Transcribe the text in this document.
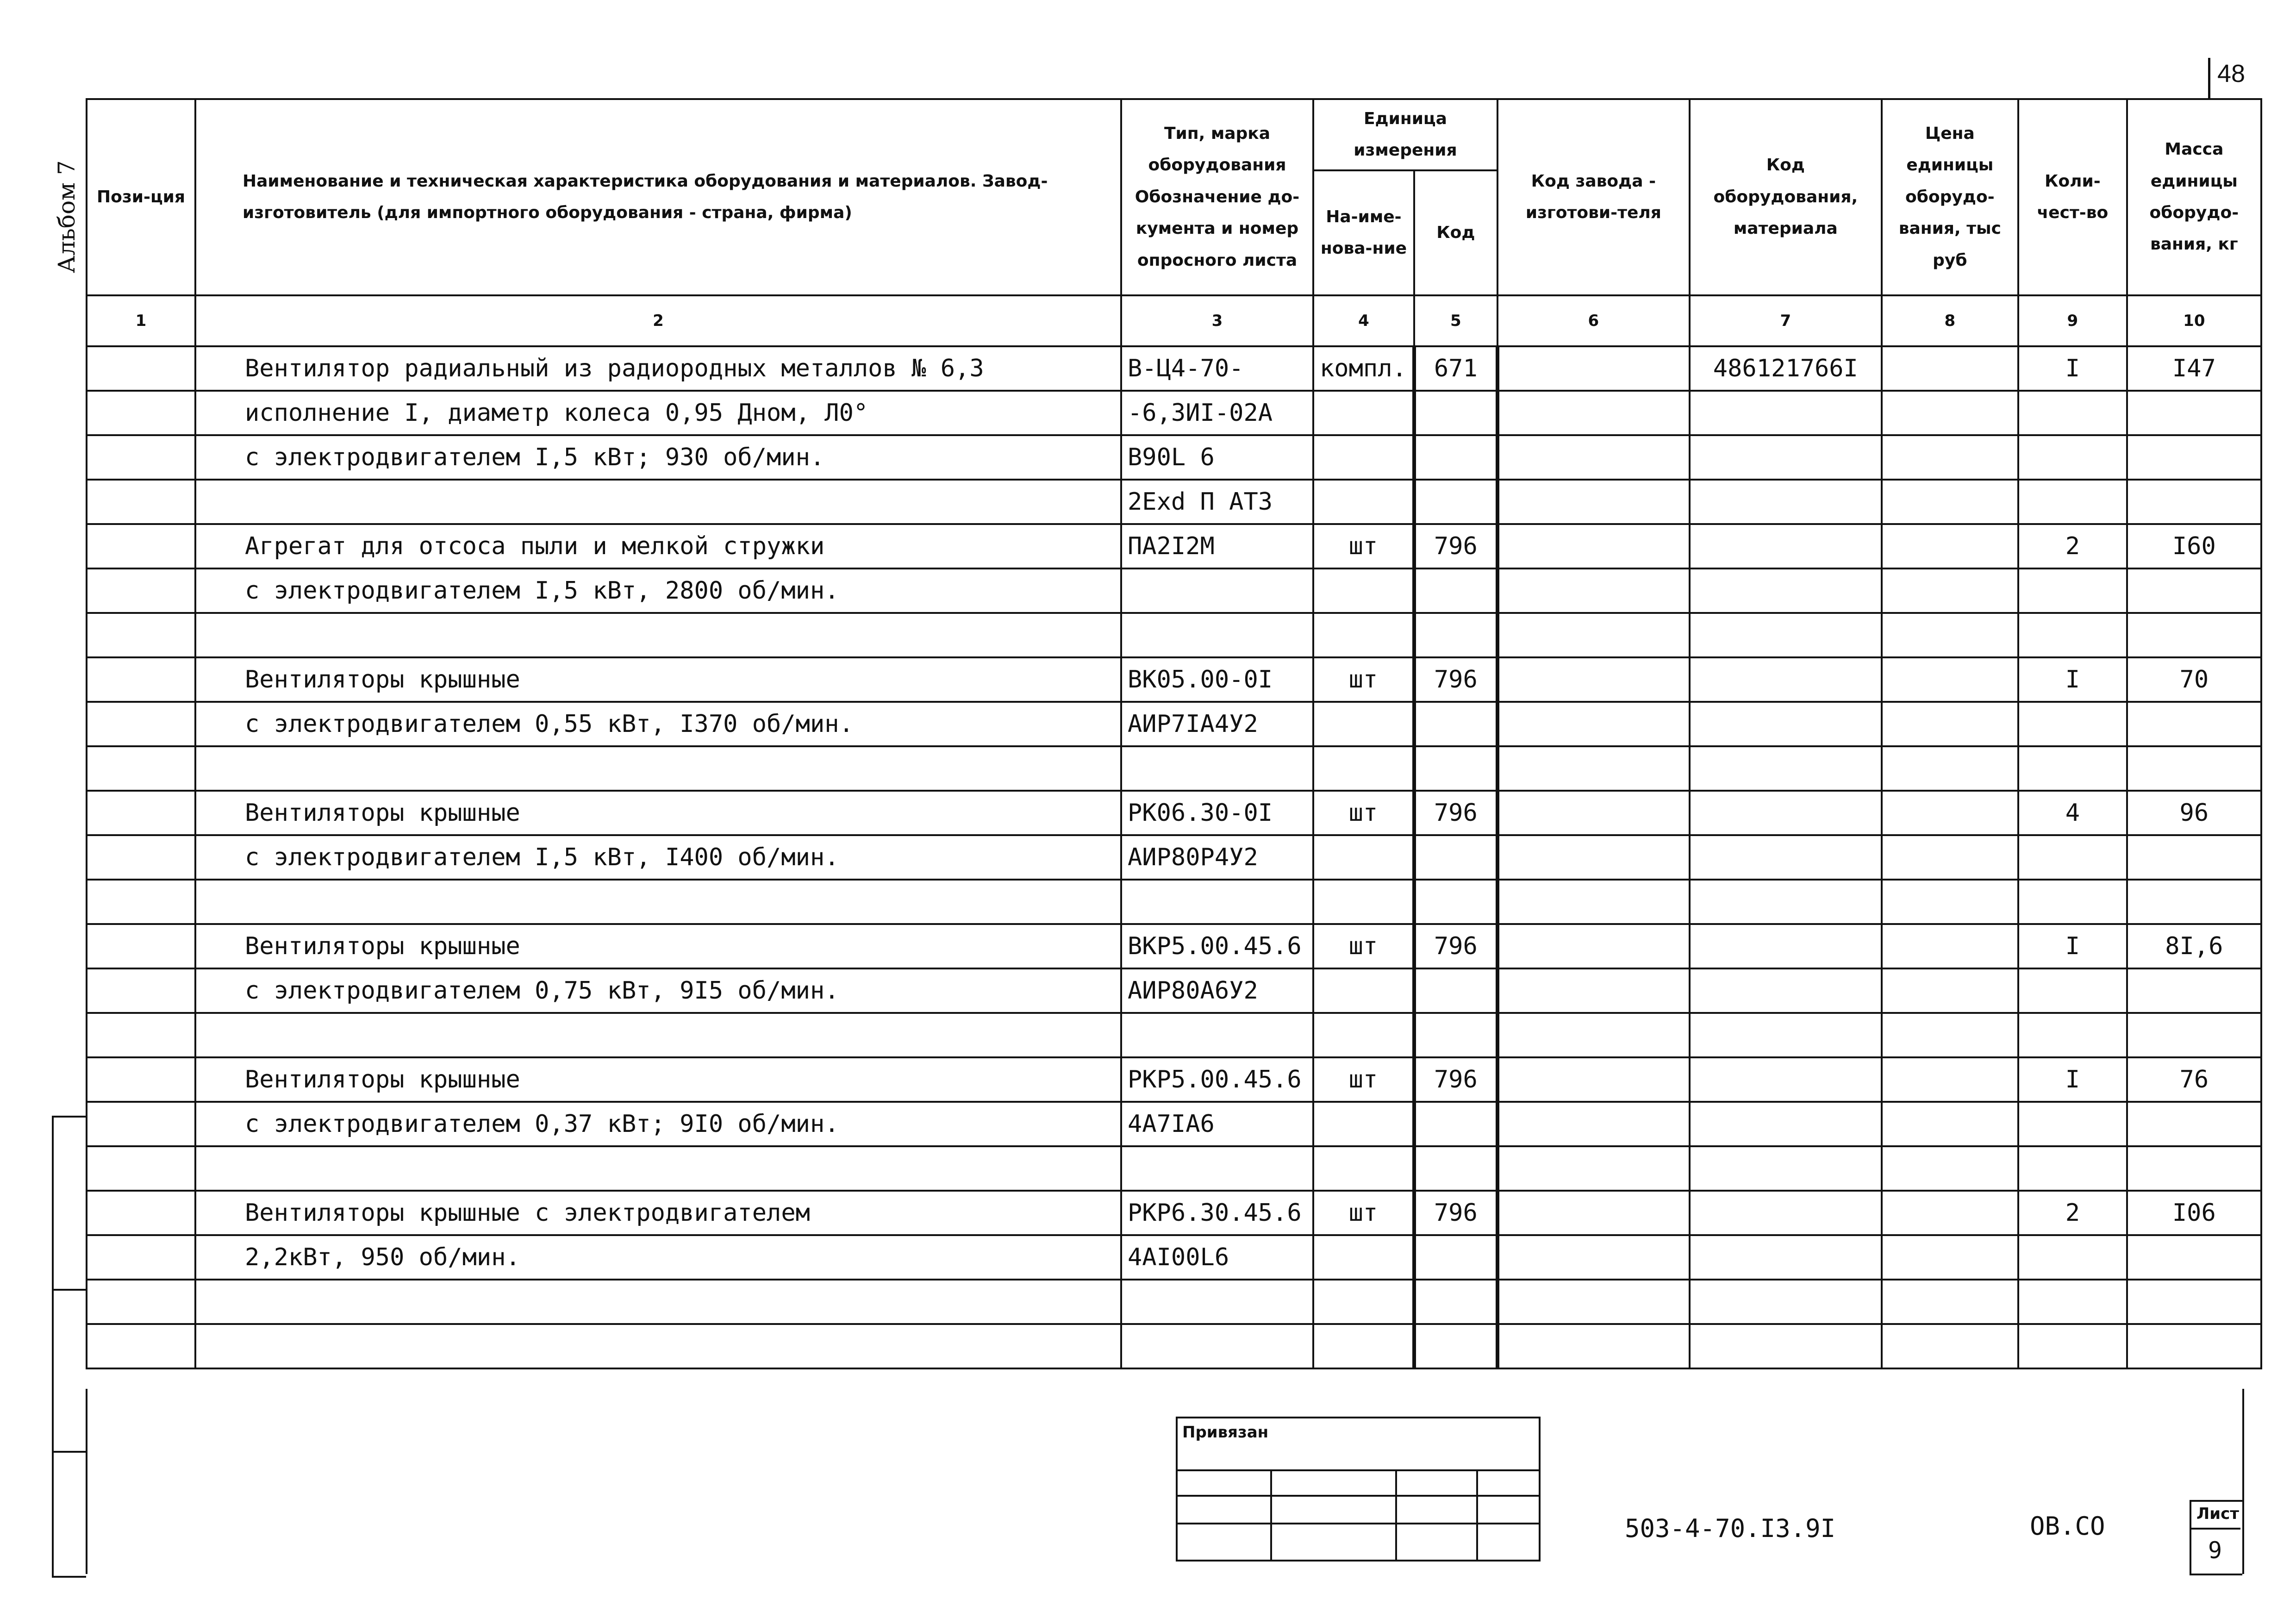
48
Альбом 7 Пози-ция	Наименование и техническая характеристика оборудования и материалов. Завод-изготовитель (для импортного оборудования - страна, фирма)	Тип, марка оборудования Обозначение до-кумента и номер опросного листа	Единица измерения		Код завода - изготови-теля	Код оборудования, материала	Цена единицы оборудо-вания, тыс руб	Коли-чест-во	Масса единицы оборудо-вания, кг
			На-име-нова-ние	Код					
1	2	3	4	5	6	7	8	9	10
	Вентилятор радиальный из радиородных металлов № 6,3	В-Ц4-70-	компл.	671		486121766I		I	I47
	исполнение I, диаметр колеса 0,95 Дном, Л0°	-6,3ИI-02А							
	с электродвигателем I,5 кВт; 930 об/мин.	В90L 6							
		2Exd П АТ3							
	Агрегат для отсоса пыли и мелкой стружки	ПА2I2М	шт	796				2	I60
	с электродвигателем I,5 кВт, 2800 об/мин.								

	Вентиляторы крышные	ВК05.00-0I	шт	796				I	70
	с электродвигателем 0,55 кВт, I370 об/мин.	АИР7IА4У2							

	Вентиляторы крышные	РК06.30-0I	шт	796				4	96
	с электродвигателем I,5 кВт, I400 об/мин.	АИР80Р4У2							

	Вентиляторы крышные	ВКР5.00.45.6	шт	796				I	8I,6
	с электродвигателем 0,75 кВт, 9I5 об/мин.	АИР80А6У2							

	Вентиляторы крышные	РКР5.00.45.6	шт	796				I	76
	с электродвигателем 0,37 кВт; 9I0 об/мин.	4А7IА6							

	Вентиляторы крышные с электродвигателем	РКР6.30.45.6	шт	796				2	I06
	2,2кВт, 950 об/мин.	4АI00L6							

Привязан
503-4-70.I3.9I	ОВ.СО	Лист
9
